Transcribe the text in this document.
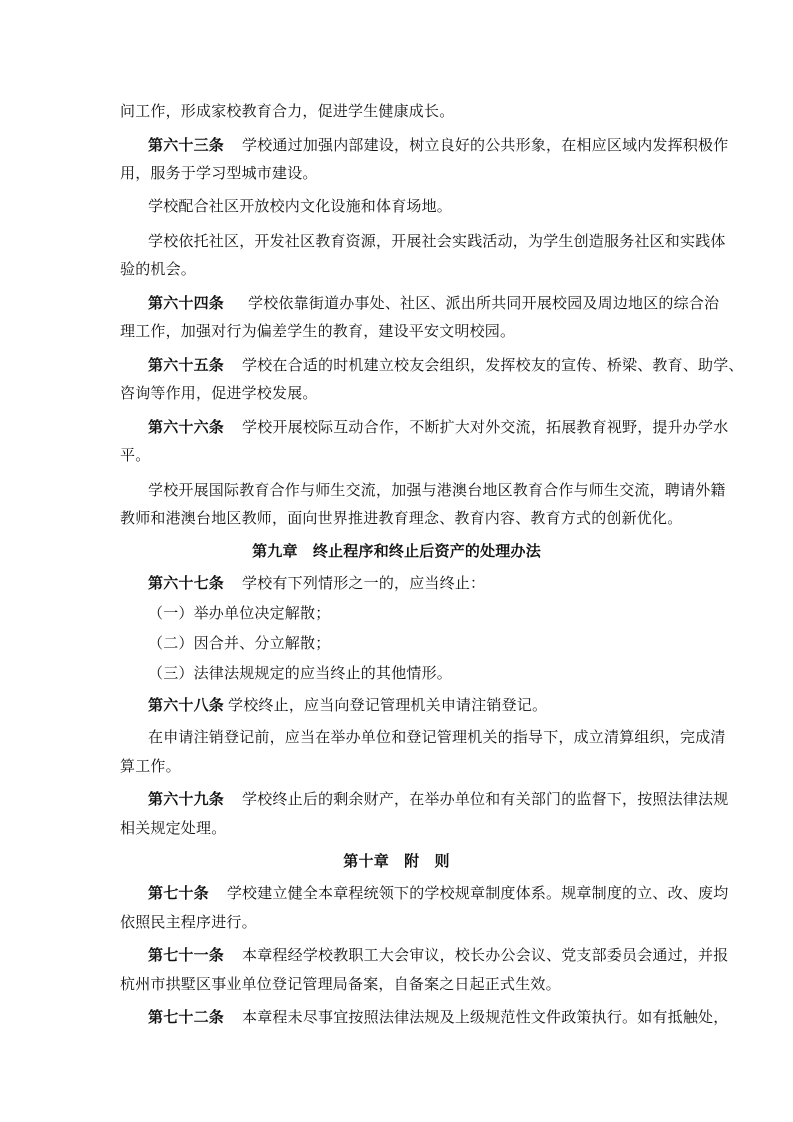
问工作，形成家校教育合力，促进学生健康成长。
第六十三条 学校通过加强内部建设，树立良好的公共形象，在相应区域内发挥积极作
用，服务于学习型城市建设。
学校配合社区开放校内文化设施和体育场地。
学校依托社区，开发社区教育资源，开展社会实践活动，为学生创造服务社区和实践体
验的机会。
第六十四条 学校依靠街道办事处、社区、派出所共同开展校园及周边地区的综合治
理工作，加强对行为偏差学生的教育，建设平安文明校园。
第六十五条 学校在合适的时机建立校友会组织，发挥校友的宣传、桥梁、教育、助学、
咨询等作用，促进学校发展。
第六十六条 学校开展校际互动合作，不断扩大对外交流，拓展教育视野，提升办学水
平。
学校开展国际教育合作与师生交流，加强与港澳台地区教育合作与师生交流，聘请外籍
教师和港澳台地区教师，面向世界推进教育理念、教育内容、教育方式的创新优化。
第九章　终止程序和终止后资产的处理办法
第六十七条 学校有下列情形之一的，应当终止：
（一）举办单位决定解散；
（二）因合并、分立解散；
（三）法律法规规定的应当终止的其他情形。
第六十八条 学校终止，应当向登记管理机关申请注销登记。
在申请注销登记前，应当在举办单位和登记管理机关的指导下，成立清算组织，完成清
算工作。
第六十九条 学校终止后的剩余财产，在举办单位和有关部门的监督下，按照法律法规
相关规定处理。
第十章　附　则
第七十条 学校建立健全本章程统领下的学校规章制度体系。规章制度的立、改、废均
依照民主程序进行。
第七十一条 本章程经学校教职工大会审议，校长办公会议、党支部委员会通过，并报
杭州市拱墅区事业单位登记管理局备案，自备案之日起正式生效。
第七十二条 本章程未尽事宜按照法律法规及上级规范性文件政策执行。如有抵触处，
